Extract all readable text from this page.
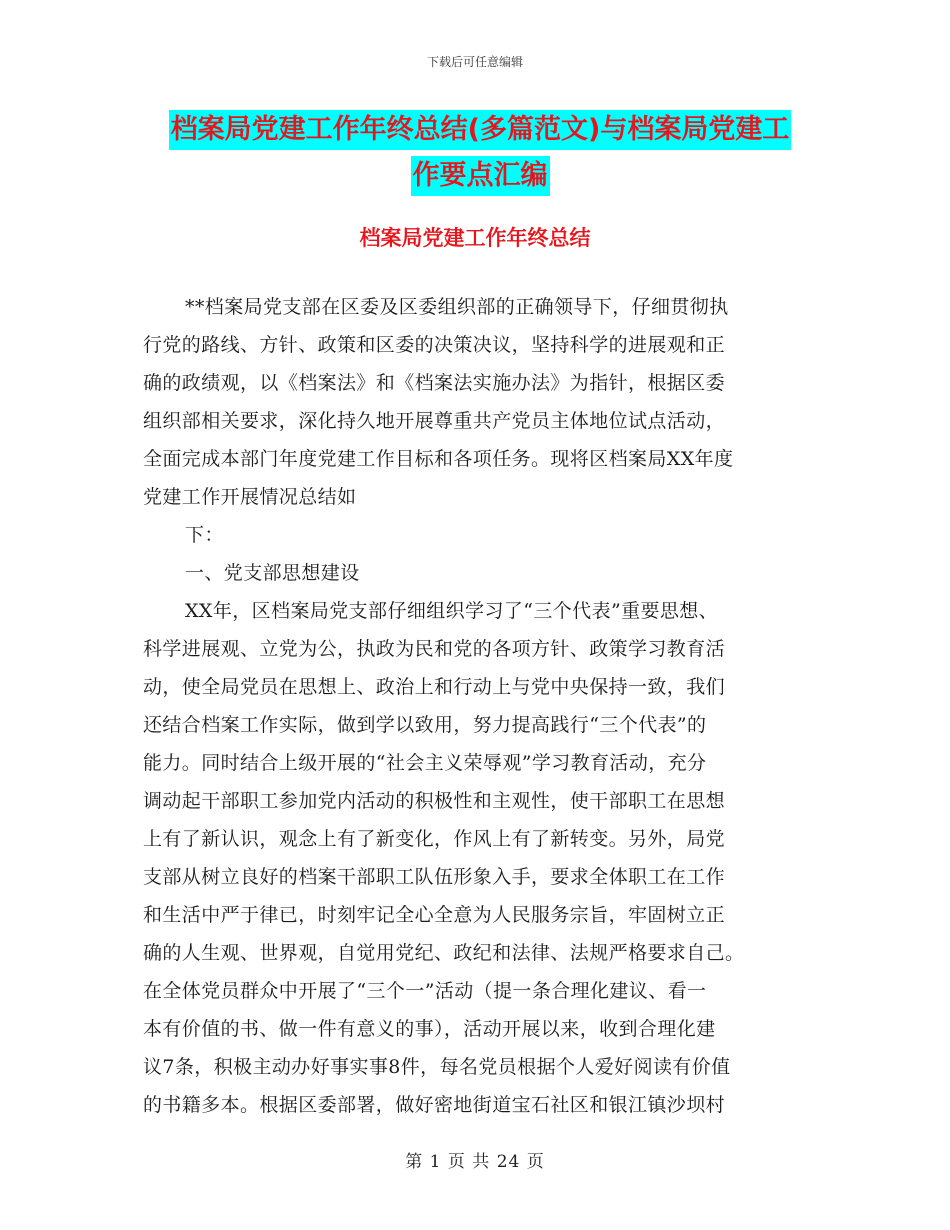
下载后可任意编辑
档案局党建工作年终总结(多篇范文)与档案局党建工
作要点汇编
档案局党建工作年终总结
**档案局党支部在区委及区委组织部的正确领导下，仔细贯彻执
行党的路线、方针、政策和区委的决策决议，坚持科学的进展观和正
确的政绩观，以《档案法》和《档案法实施办法》为指针，根据区委
组织部相关要求，深化持久地开展尊重共产党员主体地位试点活动，
全面完成本部门年度党建工作目标和各项任务。现将区档案局XX年度
党建工作开展情况总结如
下：
一、党支部思想建设
XX年，区档案局党支部仔细组织学习了“三个代表”重要思想、
科学进展观、立党为公，执政为民和党的各项方针、政策学习教育活
动，使全局党员在思想上、政治上和行动上与党中央保持一致，我们
还结合档案工作实际，做到学以致用，努力提高践行“三个代表”的
能力。同时结合上级开展的“社会主义荣辱观”学习教育活动，充分
调动起干部职工参加党内活动的积极性和主观性，使干部职工在思想
上有了新认识，观念上有了新变化，作风上有了新转变。另外，局党
支部从树立良好的档案干部职工队伍形象入手，要求全体职工在工作
和生活中严于律已，时刻牢记全心全意为人民服务宗旨，牢固树立正
确的人生观、世界观，自觉用党纪、政纪和法律、法规严格要求自己。
在全体党员群众中开展了“三个一”活动（提一条合理化建议、看一
本有价值的书、做一件有意义的事），活动开展以来，收到合理化建
议7条，积极主动办好事实事8件，每名党员根据个人爱好阅读有价值
的书籍多本。根据区委部署，做好密地街道宝石社区和银江镇沙坝村
第 1 页 共 24 页
